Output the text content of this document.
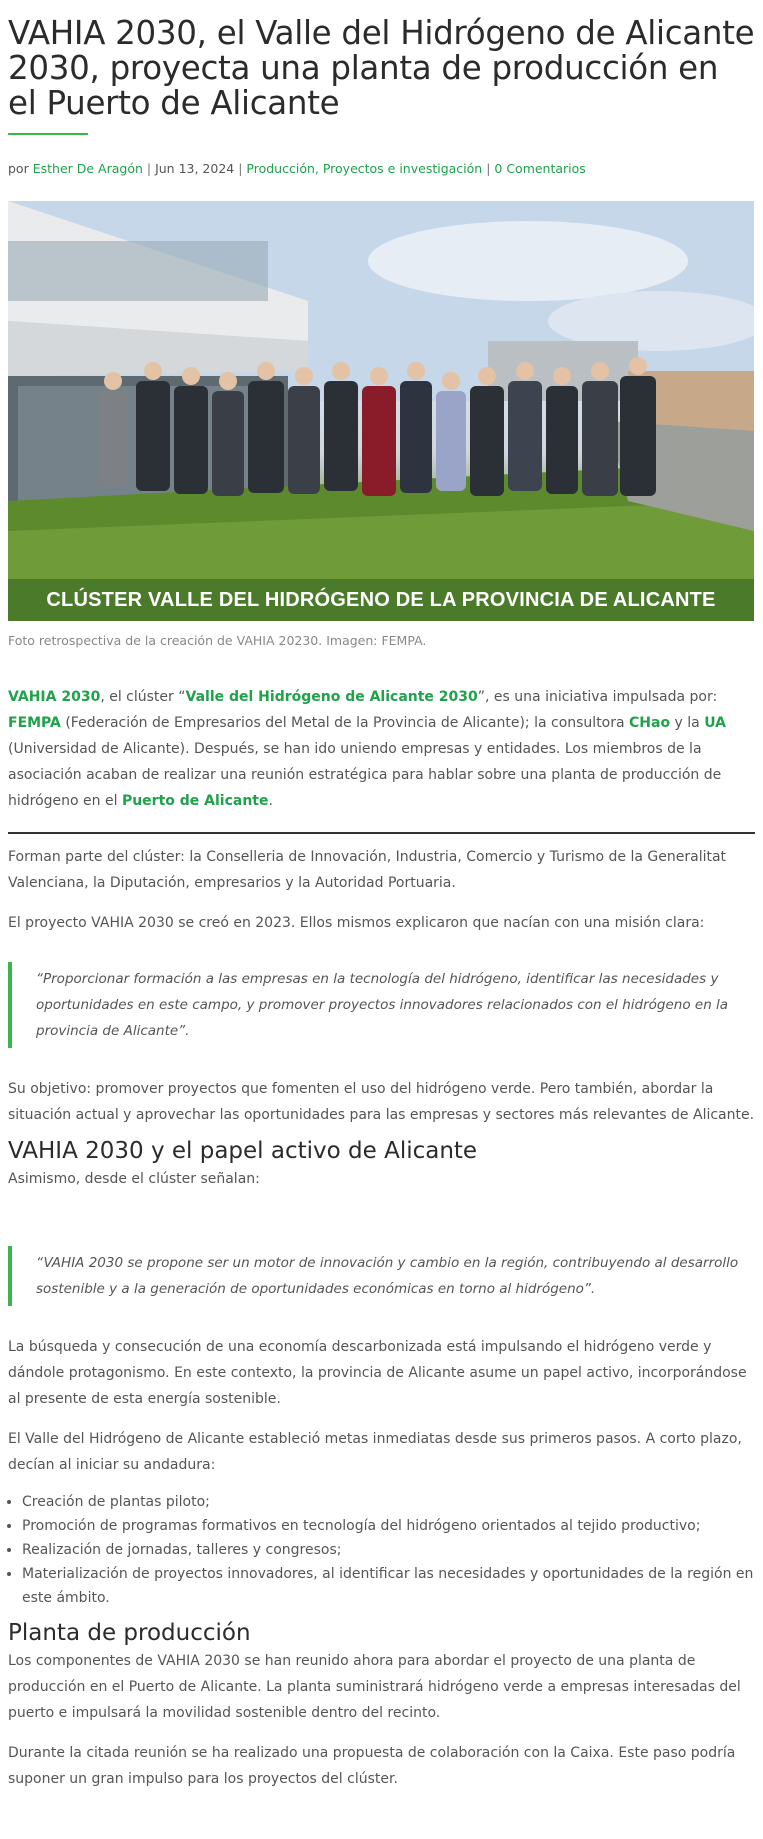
VAHIA 2030, el Valle del Hidrógeno de Alicante 2030, proyecta una planta de producción en el Puerto de Alicante
por Esther De Aragón | Jun 13, 2024 | Producción, Proyectos e investigación | 0 Comentarios
CLÚSTER VALLE DEL HIDRÓGENO DE LA PROVINCIA DE ALICANTE
Foto retrospectiva de la creación de VAHIA 20230. Imagen: FEMPA.

VAHIA 2030, el clúster “Valle del Hidrógeno de Alicante 2030”, es una iniciativa impulsada por: FEMPA (Federación de Empresarios del Metal de la Provincia de Alicante); la consultora CHao y la UA (Universidad de Alicante). Después, se han ido uniendo empresas y entidades. Los miembros de la asociación acaban de realizar una reunión estratégica para hablar sobre una planta de producción de hidrógeno en el Puerto de Alicante.

Forman parte del clúster: la Conselleria de Innovación, Industria, Comercio y Turismo de la Generalitat Valenciana, la Diputación, empresarios y la Autoridad Portuaria.

El proyecto VAHIA 2030 se creó en 2023. Ellos mismos explicaron que nacían con una misión clara:

“Proporcionar formación a las empresas en la tecnología del hidrógeno, identificar las necesidades y oportunidades en este campo, y promover proyectos innovadores relacionados con el hidrógeno en la provincia de Alicante”.

Su objetivo: promover proyectos que fomenten el uso del hidrógeno verde. Pero también, abordar la situación actual y aprovechar las oportunidades para las empresas y sectores más relevantes de Alicante.

VAHIA 2030 y el papel activo de Alicante

Asimismo, desde el clúster señalan:

“VAHIA 2030 se propone ser un motor de innovación y cambio en la región, contribuyendo al desarrollo sostenible y a la generación de oportunidades económicas en torno al hidrógeno”.

La búsqueda y consecución de una economía descarbonizada está impulsando el hidrógeno verde y dándole protagonismo. En este contexto, la provincia de Alicante asume un papel activo, incorporándose al presente de esta energía sostenible.

El Valle del Hidrógeno de Alicante estableció metas inmediatas desde sus primeros pasos. A corto plazo, decían al iniciar su andadura:

• Creación de plantas piloto;
• Promoción de programas formativos en tecnología del hidrógeno orientados al tejido productivo;
• Realización de jornadas, talleres y congresos;
• Materialización de proyectos innovadores, al identificar las necesidades y oportunidades de la región en este ámbito.
Planta de producción

Los componentes de VAHIA 2030 se han reunido ahora para abordar el proyecto de una planta de producción en el Puerto de Alicante. La planta suministrará hidrógeno verde a empresas interesadas del puerto e impulsará la movilidad sostenible dentro del recinto.

Durante la citada reunión se ha realizado una propuesta de colaboración con la Caixa. Este paso podría suponer un gran impulso para los proyectos del clúster.
